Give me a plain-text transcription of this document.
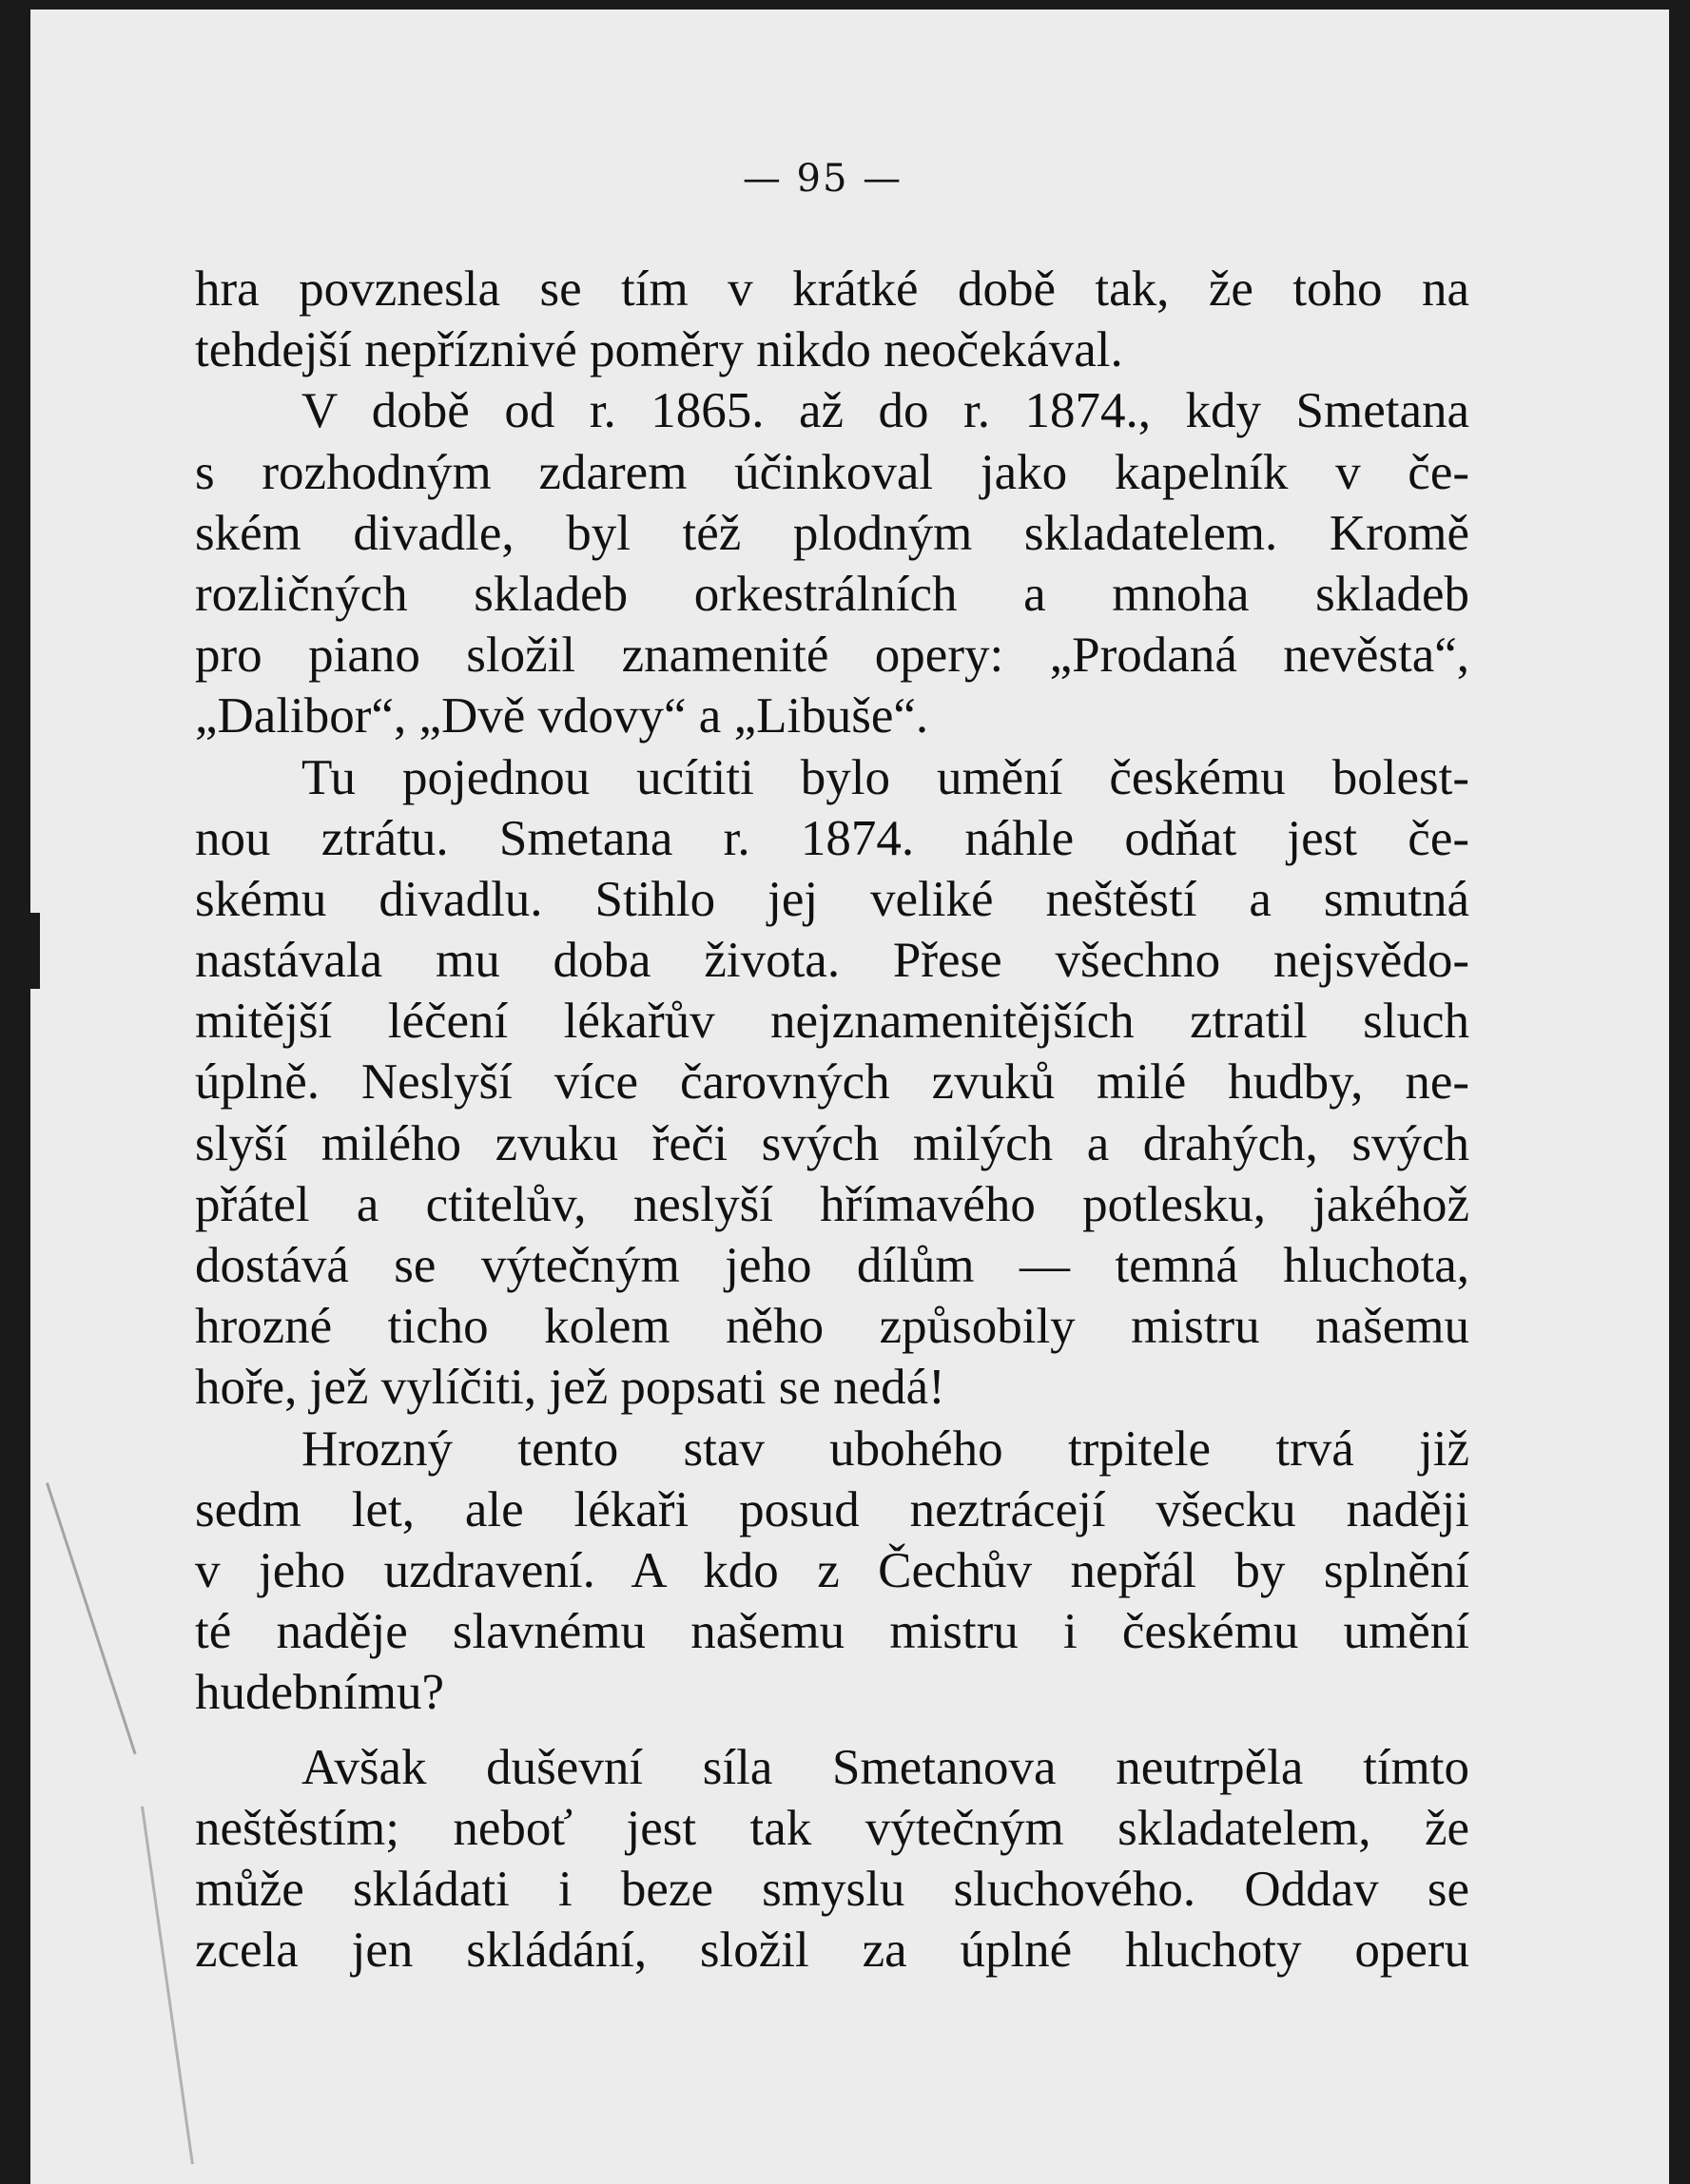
— 95 —
hra povznesla se tím v krátké době tak, že toho na
tehdejší nepříznivé poměry nikdo neočekával.
V době od r. 1865. až do r. 1874., kdy Smetana
s rozhodným zdarem účinkoval jako kapelník v če-
ském divadle, byl též plodným skladatelem. Kromě
rozličných skladeb orkestrálních a mnoha skladeb
pro piano složil znamenité opery: „Prodaná nevěsta“,
„Dalibor“, „Dvě vdovy“ a „Libuše“.
Tu pojednou ucítiti bylo umění českému bolest-
nou ztrátu. Smetana r. 1874. náhle odňat jest če-
skému divadlu. Stihlo jej veliké neštěstí a smutná
nastávala mu doba života. Přese všechno nejsvědo-
mitější léčení lékařův nejznamenitějších ztratil sluch
úplně. Neslyší více čarovných zvuků milé hudby, ne-
slyší milého zvuku řeči svých milých a drahých, svých
přátel a ctitelův, neslyší hřímavého potlesku, jakéhož
dostává se výtečným jeho dílům — temná hluchota,
hrozné ticho kolem něho způsobily mistru našemu
hoře, jež vylíčiti, jež popsati se nedá!
Hrozný tento stav ubohého trpitele trvá již
sedm let, ale lékaři posud neztrácejí všecku naději
v jeho uzdravení. A kdo z Čechův nepřál by splnění
té naděje slavnému našemu mistru i českému umění
hudebnímu?
Avšak duševní síla Smetanova neutrpěla tímto
neštěstím; neboť jest tak výtečným skladatelem, že
může skládati i beze smyslu sluchového. Oddav se
zcela jen skládání, složil za úplné hluchoty operu
